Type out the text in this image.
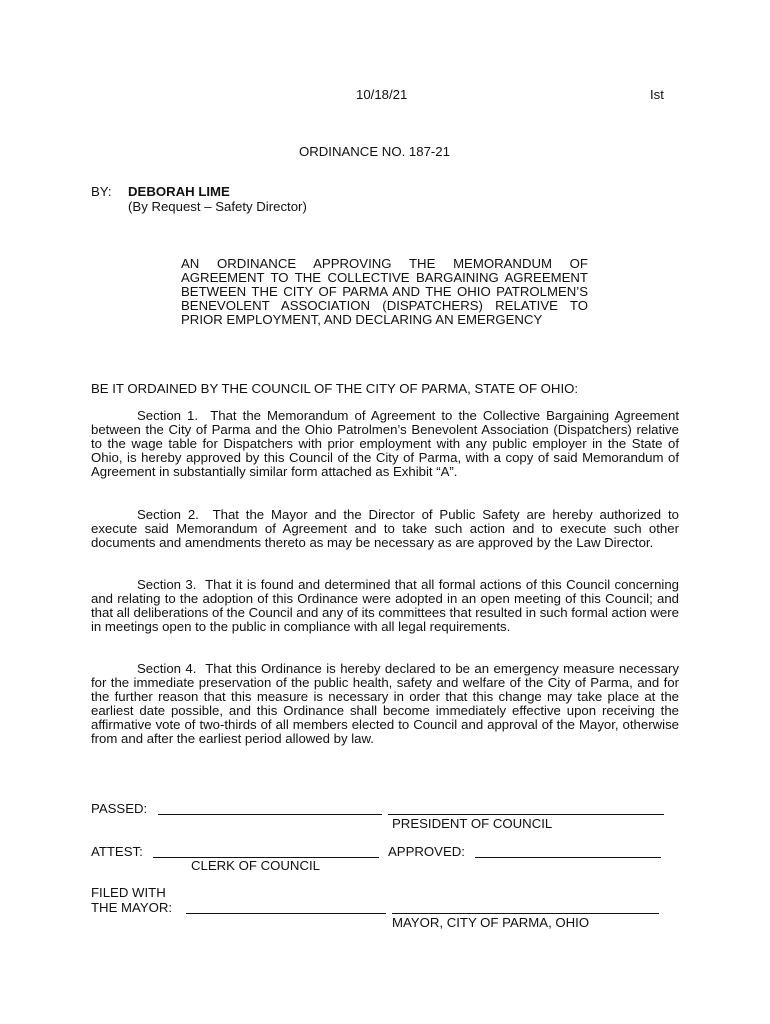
10/18/21	Ist
ORDINANCE NO. 187-21
BY: DEBORAH LIME
(By Request – Safety Director)
AN ORDINANCE APPROVING THE MEMORANDUM OF AGREEMENT TO THE COLLECTIVE BARGAINING AGREEMENT BETWEEN THE CITY OF PARMA AND THE OHIO PATROLMEN’S BENEVOLENT ASSOCIATION (DISPATCHERS) RELATIVE TO PRIOR EMPLOYMENT, AND DECLARING AN EMERGENCY
BE IT ORDAINED BY THE COUNCIL OF THE CITY OF PARMA, STATE OF OHIO:
Section 1. That the Memorandum of Agreement to the Collective Bargaining Agreement between the City of Parma and the Ohio Patrolmen’s Benevolent Association (Dispatchers) relative to the wage table for Dispatchers with prior employment with any public employer in the State of Ohio, is hereby approved by this Council of the City of Parma, with a copy of said Memorandum of Agreement in substantially similar form attached as Exhibit “A”.
Section 2. That the Mayor and the Director of Public Safety are hereby authorized to execute said Memorandum of Agreement and to take such action and to execute such other documents and amendments thereto as may be necessary as are approved by the Law Director.
Section 3. That it is found and determined that all formal actions of this Council concerning and relating to the adoption of this Ordinance were adopted in an open meeting of this Council; and that all deliberations of the Council and any of its committees that resulted in such formal action were in meetings open to the public in compliance with all legal requirements.
Section 4. That this Ordinance is hereby declared to be an emergency measure necessary for the immediate preservation of the public health, safety and welfare of the City of Parma, and for the further reason that this measure is necessary in order that this change may take place at the earliest date possible, and this Ordinance shall become immediately effective upon receiving the affirmative vote of two-thirds of all members elected to Council and approval of the Mayor, otherwise from and after the earliest period allowed by law.
PASSED:
PRESIDENT OF COUNCIL
ATTEST:
CLERK OF COUNCIL
APPROVED:
FILED WITH
THE MAYOR:
MAYOR, CITY OF PARMA, OHIO
